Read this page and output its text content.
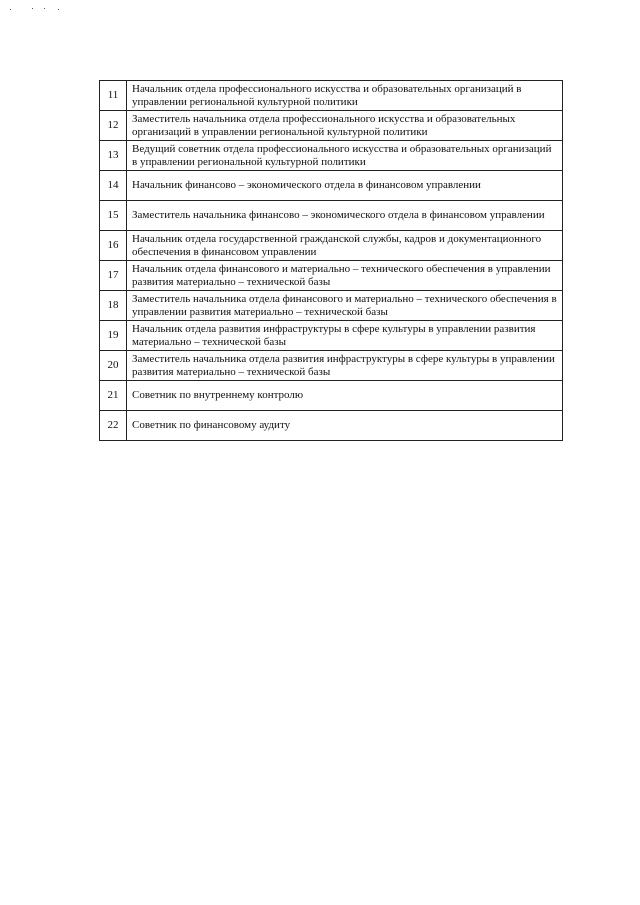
11	Начальник отдела профессионального искусства и образовательных организаций в управлении региональной культурной политики
12	Заместитель начальника отдела профессионального искусства и образовательных организаций в управлении региональной культурной политики
13	Ведущий советник отдела профессионального искусства и образовательных организаций в управлении региональной культурной политики
14	Начальник финансово – экономического отдела в финансовом управлении
15	Заместитель начальника финансово – экономического отдела в финансовом управлении
16	Начальник отдела государственной гражданской службы, кадров и документационного обеспечения в финансовом управлении
17	Начальник отдела финансового и материально – технического обеспечения в управлении развития материально – технической базы
18	Заместитель начальника отдела финансового и материально – технического обеспечения в управлении развития материально – технической базы
19	Начальник отдела развития инфраструктуры в сфере культуры в управлении развития материально – технической базы
20	Заместитель начальника отдела развития инфраструктуры в сфере культуры в управлении развития материально – технической базы
21	Советник по внутреннему контролю
22	Советник по финансовому аудиту
